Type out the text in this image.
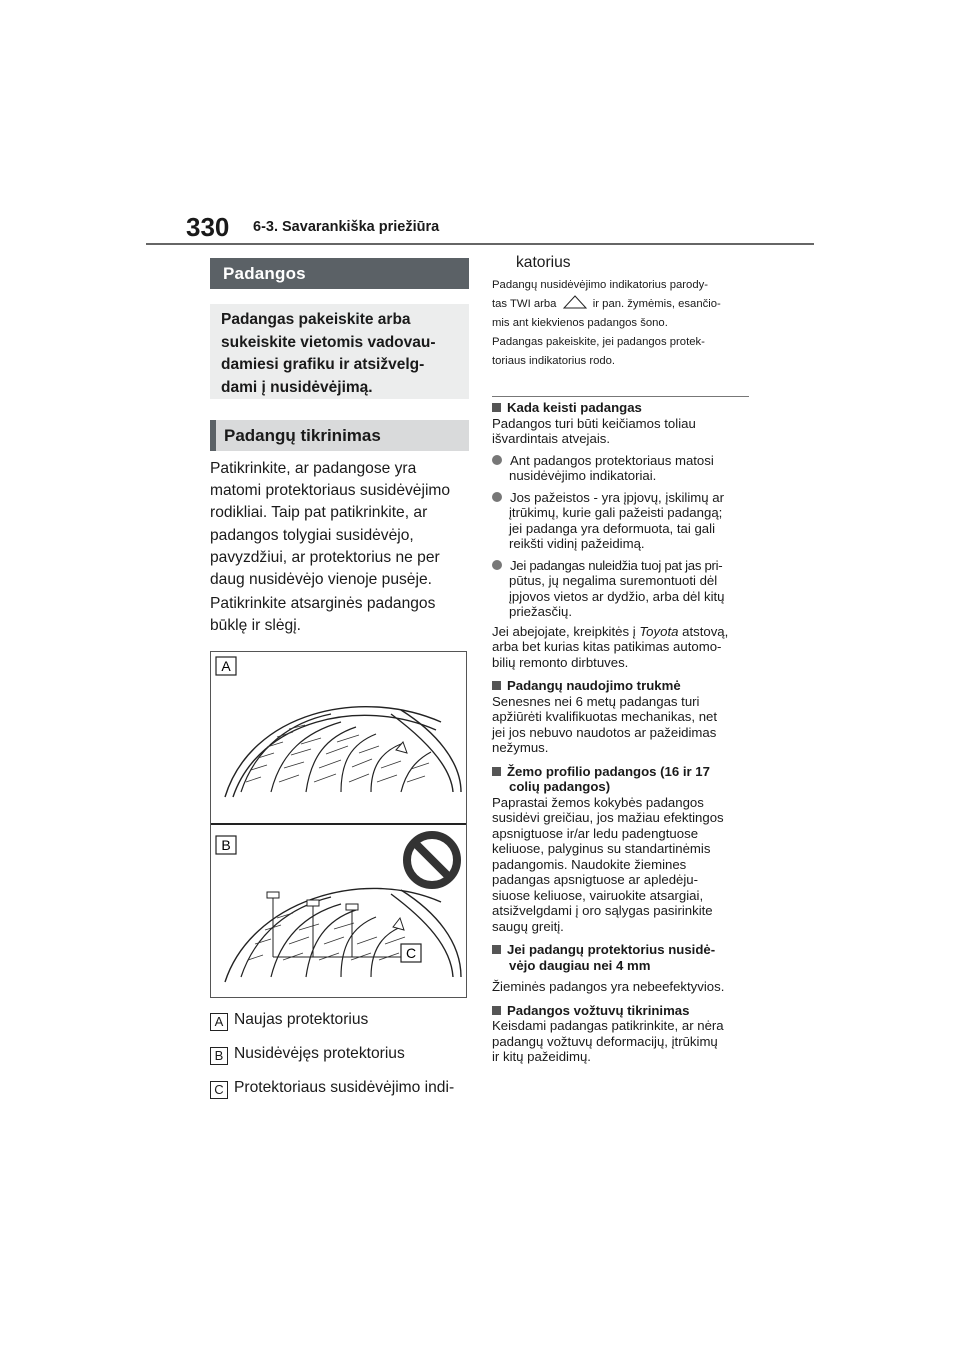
330 6-3. Savarankiška priežiūra
Padangos
Padangas pakeiskite arba
sukeiskite vietomis vadovau-
damiesi grafiku ir atsižvelg-
dami į nusidėvėjimą.
Padangų tikrinimas
Patikrinkite, ar padangose yra
matomi protektoriaus susidėvėjimo
rodikliai. Taip pat patikrinkite, ar
padangos tolygiai susidėvėjo,
pavyzdžiui, ar protektorius ne per
daug nusidėvėjo vienoje pusėje.
Patikrinkite atsarginės padangos
būklę ir slėgį.
A
B
C
A Naujas protektorius
B Nusidėvėjęs protektorius
C Protektoriaus susidėvėjimo indi-
katorius
Padangų nusidėvėjimo indikatorius parody-
tas TWI arba	ir pan. žymėmis, esančio-
mis ant kiekvienos padangos šono.
Padangas pakeiskite, jei padangos protek-
toriaus indikatorius rodo.
Kada keisti padangas
Padangos turi būti keičiamos toliau
išvardintais atvejais.
Ant padangos protektoriaus matosi
nusidėvėjimo indikatoriai.
Jos pažeistos - yra įpjovų, įskilimų ar
įtrūkimų, kurie gali pažeisti padangą;
jei padanga yra deformuota, tai gali
reikšti vidinį pažeidimą.
Jei padangas nuleidžia tuoj pat jas pri-
pūtus, jų negalima suremontuoti dėl
įpjovos vietos ar dydžio, arba dėl kitų
priežasčių.
Jei abejojate, kreipkitės į Toyota atstovą,
arba bet kurias kitas patikimas automo-
bilių remonto dirbtuves.
Padangų naudojimo trukmė
Senesnes nei 6 metų padangas turi
apžiūrėti kvalifikuotas mechanikas, net
jei jos nebuvo naudotos ar pažeidimas
nežymus.
Žemo profilio padangos (16 ir 17
colių padangos)
Paprastai žemos kokybės padangos
susidėvi greičiau, jos mažiau efektingos
apsnigtuose ir/ar ledu padengtuose
keliuose, palyginus su standartinėmis
padangomis. Naudokite žiemines
padangas apsnigtuose ar apledėju-
siuose keliuose, vairuokite atsargiai,
atsižvelgdami į oro sąlygas pasirinkite
saugų greitį.
Jei padangų protektorius nusidė-
vėjo daugiau nei 4 mm
Žieminės padangos yra nebeefektyvios.
Padangos vožtuvų tikrinimas
Keisdami padangas patikrinkite, ar nėra
padangų vožtuvų deformacijų, įtrūkimų
ir kitų pažeidimų.
